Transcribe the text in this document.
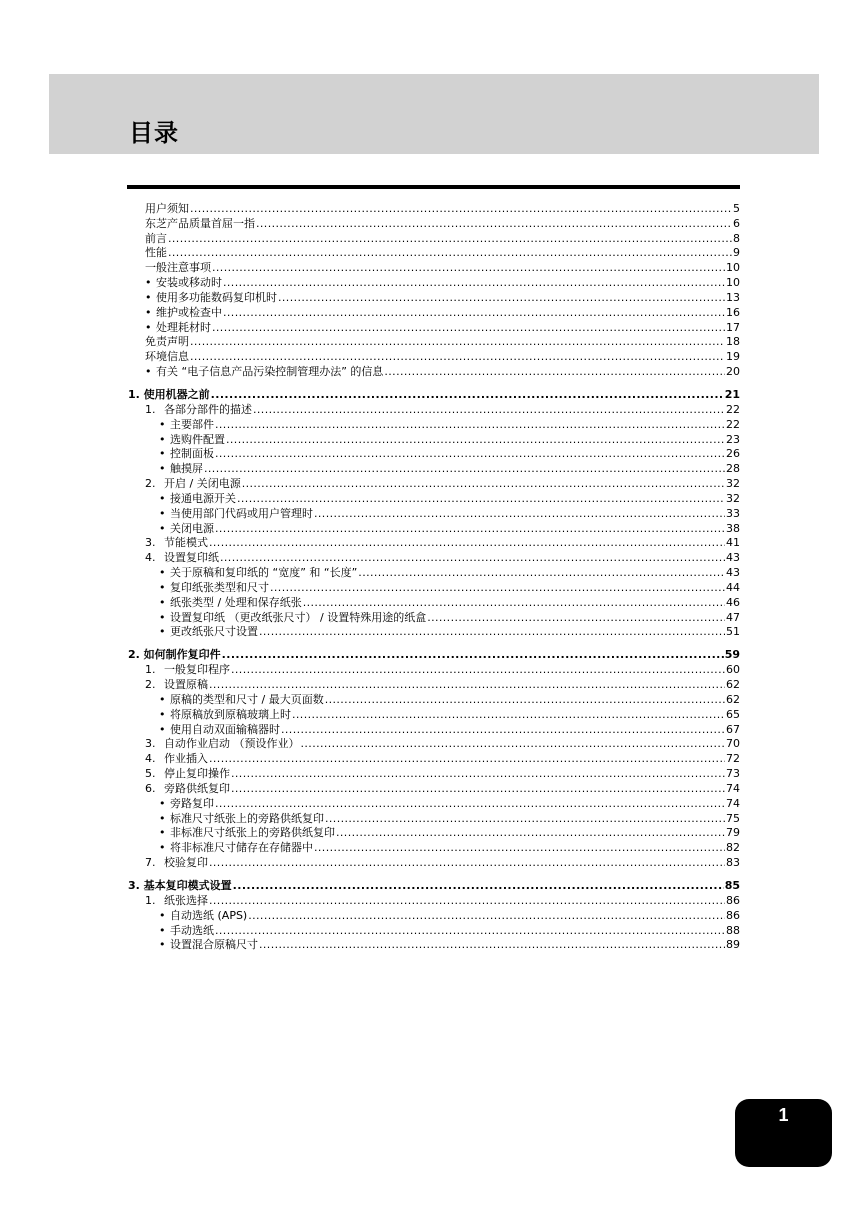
目录
用户须知 .....	5
东芝产品质量首屈一指 .....	6
前言 .....	8
性能 .....	9
一般注意事项 .....	10
• 安装或移动时 .....	10
• 使用多功能数码复印机时 .....	13
• 维护或检查中 .....	16
• 处理耗材时 .....	17
免责声明 .....	18
环境信息 .....	19
• 有关 “电子信息产品污染控制管理办法” 的信息 .....	20
1. 使用机器之前 .....	21
1. 各部分部件的描述 .....	22
• 主要部件 .....	22
• 选购件配置 .....	23
• 控制面板 .....	26
• 触摸屏 .....	28
2. 开启 / 关闭电源 .....	32
• 接通电源开关 .....	32
• 当使用部门代码或用户管理时 .....	33
• 关闭电源 .....	38
3. 节能模式 .....	41
4. 设置复印纸 .....	43
• 关于原稿和复印纸的 “宽度” 和 “长度” .....	43
• 复印纸张类型和尺寸 .....	44
• 纸张类型 / 处理和保存纸张 .....	46
• 设置复印纸 （更改纸张尺寸） / 设置特殊用途的纸盒 .....	47
• 更改纸张尺寸设置 .....	51
2. 如何制作复印件 .....	59
1. 一般复印程序 .....	60
2. 设置原稿 .....	62
• 原稿的类型和尺寸 / 最大页面数 .....	62
• 将原稿放到原稿玻璃上时 .....	65
• 使用自动双面输稿器时 .....	67
3. 自动作业启动 （预设作业） .....	70
4. 作业插入 .....	72
5. 停止复印操作 .....	73
6. 旁路供纸复印 .....	74
• 旁路复印 .....	74
• 标准尺寸纸张上的旁路供纸复印 .....	75
• 非标准尺寸纸张上的旁路供纸复印 .....	79
• 将非标准尺寸储存在存储器中 .....	82
7. 校验复印 .....	83
3. 基本复印模式设置 .....	85
1. 纸张选择 .....	86
• 自动选纸 (APS) .....	86
• 手动选纸 .....	88
• 设置混合原稿尺寸 .....	89
1
